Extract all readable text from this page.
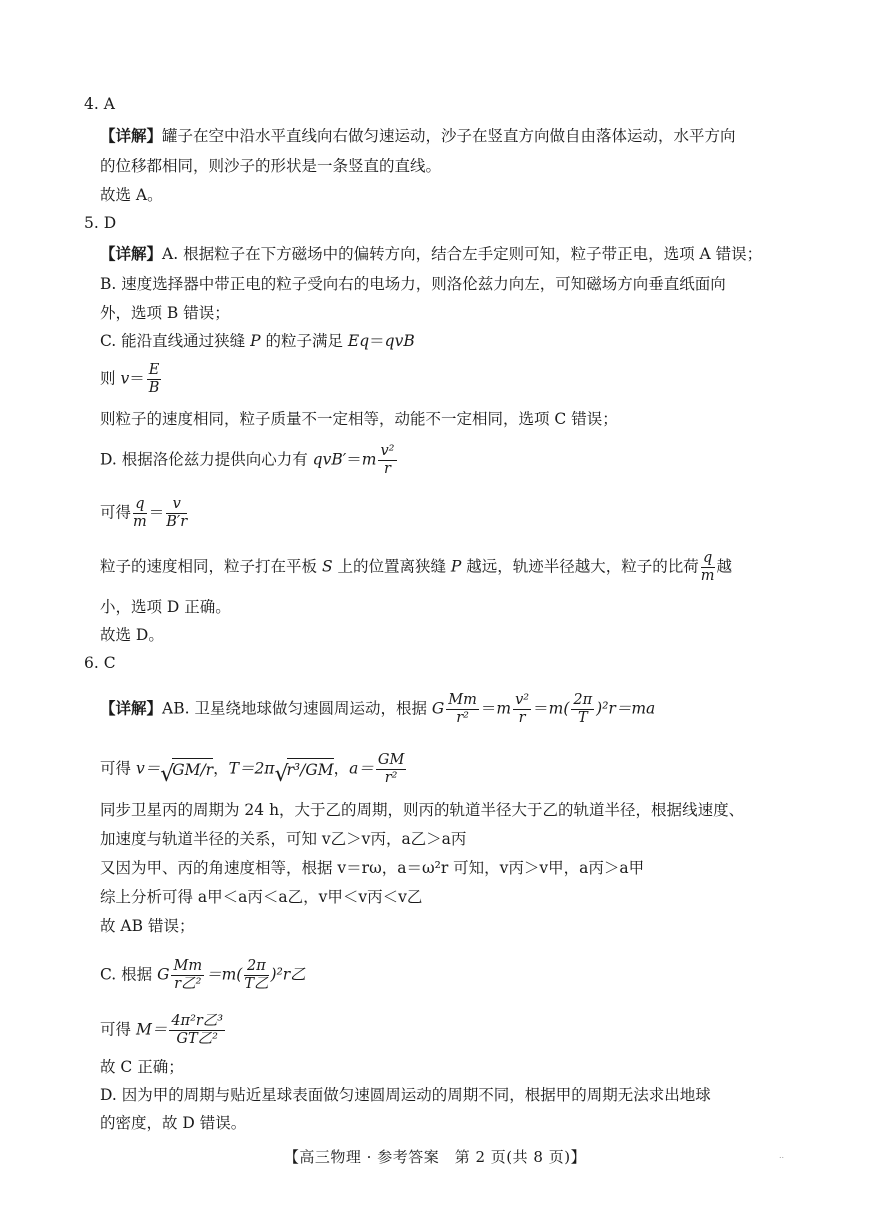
4. A
【详解】罐子在空中沿水平直线向右做匀速运动，沙子在竖直方向做自由落体运动，水平方向
的位移都相同，则沙子的形状是一条竖直的直线。
故选 A。
5. D
【详解】A. 根据粒子在下方磁场中的偏转方向，结合左手定则可知，粒子带正电，选项 A 错误；
B. 速度选择器中带正电的粒子受向右的电场力，则洛伦兹力向左，可知磁场方向垂直纸面向
外，选项 B 错误；
C. 能沿直线通过狭缝 P 的粒子满足 Eq＝qvB
则 $v= \frac{E}{B}$
则粒子的速度相同，粒子质量不一定相等，动能不一定相同，选项 C 错误；
D. 根据洛伦兹力提供向心力有 $qvB'=m \frac{\text{v²}}{r}$
可得 $\frac{q}{m} = \frac{v}{B'r}$
粒子的速度相同，粒子打在平板 S 上的位置离狭缝 P 越远，轨迹半径越大，粒子的比荷 $\frac{q}{m}$ 越
小，选项 D 正确。
故选 D。
6. C
【详解】AB. 卫星绕地球做匀速圆周运动，根据 G $\frac{Mm}{\text{r²}} =m \frac{\text{v²}}{r} =m( \frac{2\pi}{T} )^2r=ma$
可得 v＝ √ GM/r，T＝2π √ r³/GM，$a= \frac{GM}{\text{r²}}$
同步卫星丙的周期为 24 h，大于乙的周期，则丙的轨道半径大于乙的轨道半径，根据线速度、
加速度与轨道半径的关系，可知 v乙＞v丙，a乙＞a丙
又因为甲、丙的角速度相等，根据 v＝rω，a＝ω²r 可知，v丙＞v甲，a丙＞a甲
综上分析可得 a甲＜a丙＜a乙，v甲＜v丙＜v乙
故 AB 错误；
C. 根据 G $\frac{Mm}{\text{r乙²}} =m( \frac{2\pi}{\text{T乙}} )^2r$乙
可得 $M= \frac{\text{4π²r乙³}}{\text{GT乙²}}$
故 C 正确；
D. 因为甲的周期与贴近星球表面做匀速圆周运动的周期不同，根据甲的周期无法求出地球
的密度，故 D 错误。
【高三物理 · 参考答案　第 2 页(共 8 页)】	..
